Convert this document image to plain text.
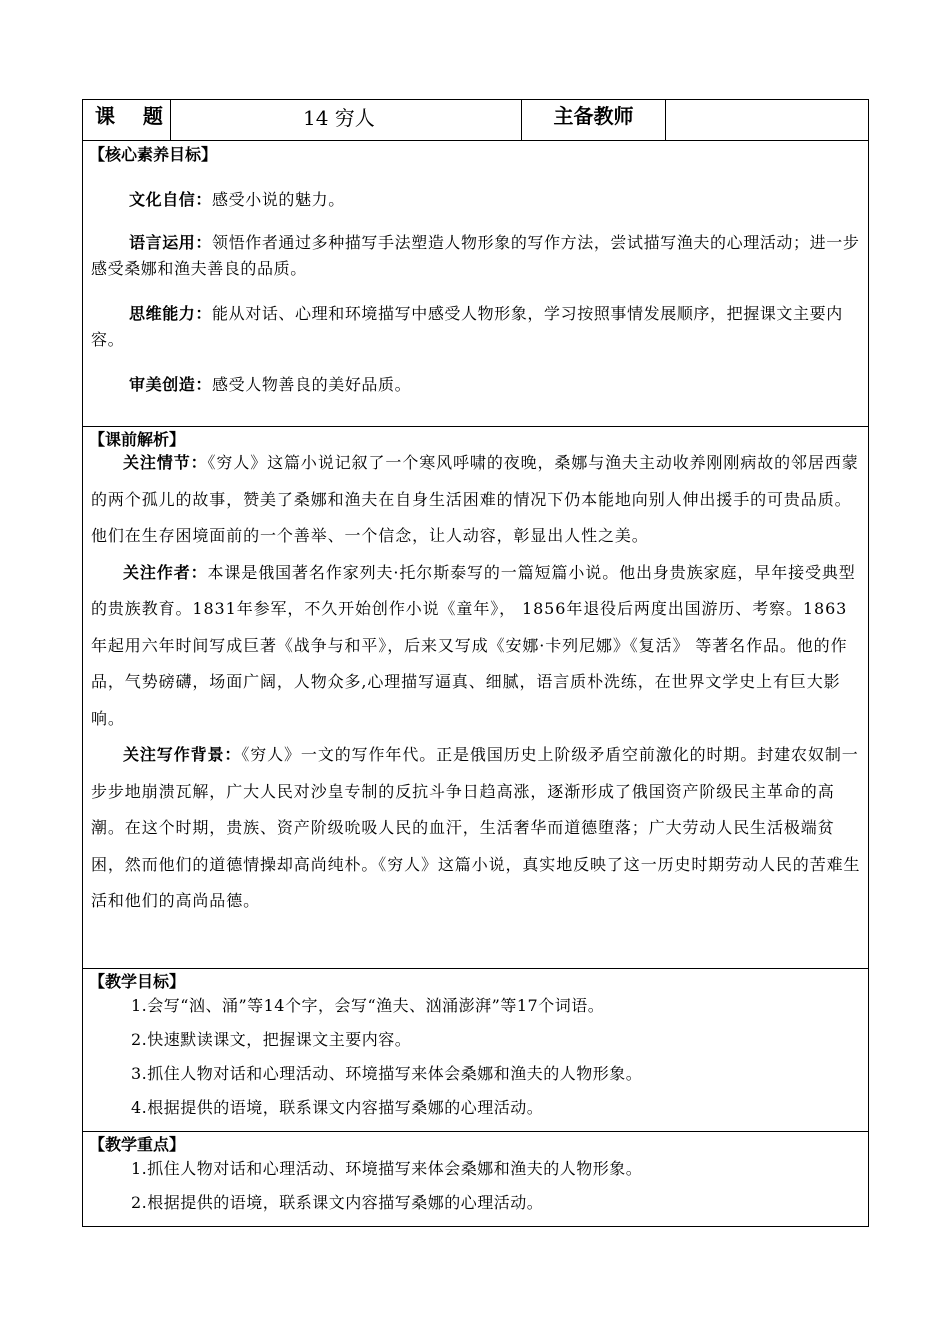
课    题	14 穷人	主备教师	

【核心素养目标】

文化自信：感受小说的魅力。

语言运用：领悟作者通过多种描写手法塑造人物形象的写作方法，尝试描写渔夫的心理活动；进一步感受桑娜和渔夫善良的品质。

思维能力：能从对话、心理和环境描写中感受人物形象，学习按照事情发展顺序，把握课文主要内容。

审美创造：感受人物善良的美好品质。

【课前解析】

关注情节：《穷人》这篇小说记叙了一个寒风呼啸的夜晚，桑娜与渔夫主动收养刚刚病故的邻居西蒙的两个孤儿的故事，赞美了桑娜和渔夫在自身生活困难的情况下仍本能地向别人伸出援手的可贵品质。他们在生存困境面前的一个善举、一个信念，让人动容，彰显出人性之美。

关注作者：本课是俄国著名作家列夫·托尔斯泰写的一篇短篇小说。他出身贵族家庭，早年接受典型的贵族教育。1831年参军，不久开始创作小说《童年》， 1856年退役后两度出国游历、考察。1863年起用六年时间写成巨著《战争与和平》，后来又写成《安娜·卡列尼娜》《复活》 等著名作品。他的作品，气势磅礴，场面广阔，人物众多,心理描写逼真、细腻，语言质朴洗练，在世界文学史上有巨大影响。

关注写作背景：《穷人》一文的写作年代。正是俄国历史上阶级矛盾空前激化的时期。封建农奴制一步步地崩溃瓦解，广大人民对沙皇专制的反抗斗争日趋高涨，逐渐形成了俄国资产阶级民主革命的高潮。在这个时期，贵族、资产阶级吮吸人民的血汗，生活奢华而道德堕落；广大劳动人民生活极端贫困，然而他们的道德情操却高尚纯朴。《穷人》这篇小说，真实地反映了这一历史时期劳动人民的苦难生活和他们的高尚品德。

【教学目标】

1.会写“汹、涌”等14个字，会写“渔夫、汹涌澎湃”等17个词语。

2.快速默读课文，把握课文主要内容。

3.抓住人物对话和心理活动、环境描写来体会桑娜和渔夫的人物形象。

4.根据提供的语境，联系课文内容描写桑娜的心理活动。

【教学重点】

1.抓住人物对话和心理活动、环境描写来体会桑娜和渔夫的人物形象。

2.根据提供的语境，联系课文内容描写桑娜的心理活动。
